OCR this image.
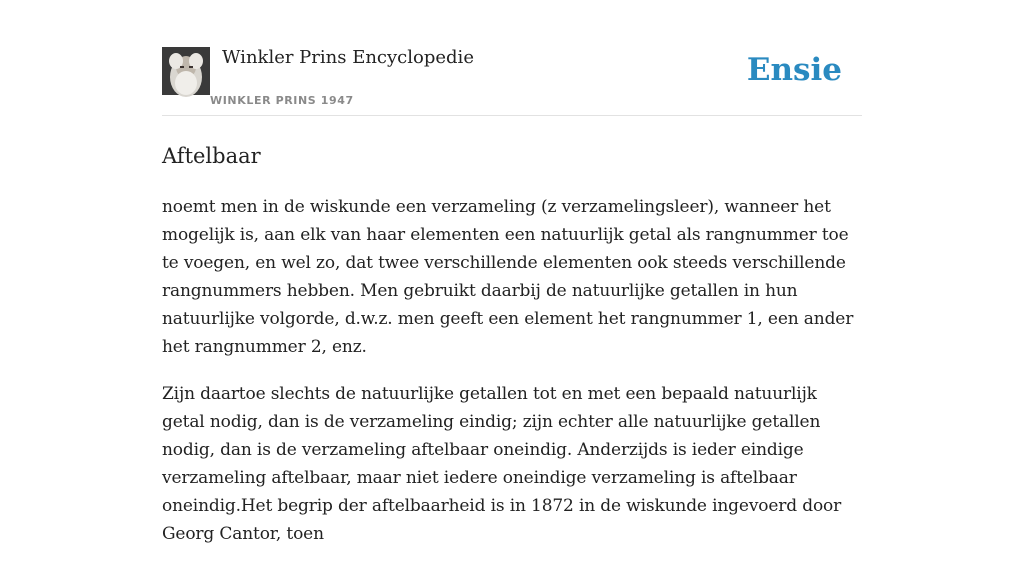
Winkler Prins Encyclopedie
WINKLER PRINS 1947
Ensie
Aftelbaar

noemt men in de wiskunde een verzameling (z verzamelingsleer), wanneer het mogelijk is, aan elk van haar elementen een natuurlijk getal als rangnummer toe te voegen, en wel zo, dat twee verschillende elementen ook steeds verschillende rangnummers hebben. Men gebruikt daarbij de natuurlijke getallen in hun natuurlijke volgorde, d.w.z. men geeft een element het rangnummer 1, een ander het rangnummer 2, enz.

Zijn daartoe slechts de natuurlijke getallen tot en met een bepaald natuurlijk getal nodig, dan is de verzameling eindig; zijn echter alle natuurlijke getallen nodig, dan is de verzameling aftelbaar oneindig. Anderzijds is ieder eindige verzameling aftelbaar, maar niet iedere oneindige verzameling is aftelbaar oneindig.Het begrip der aftelbaarheid is in 1872 in de wiskunde ingevoerd door Georg Cantor, toen
